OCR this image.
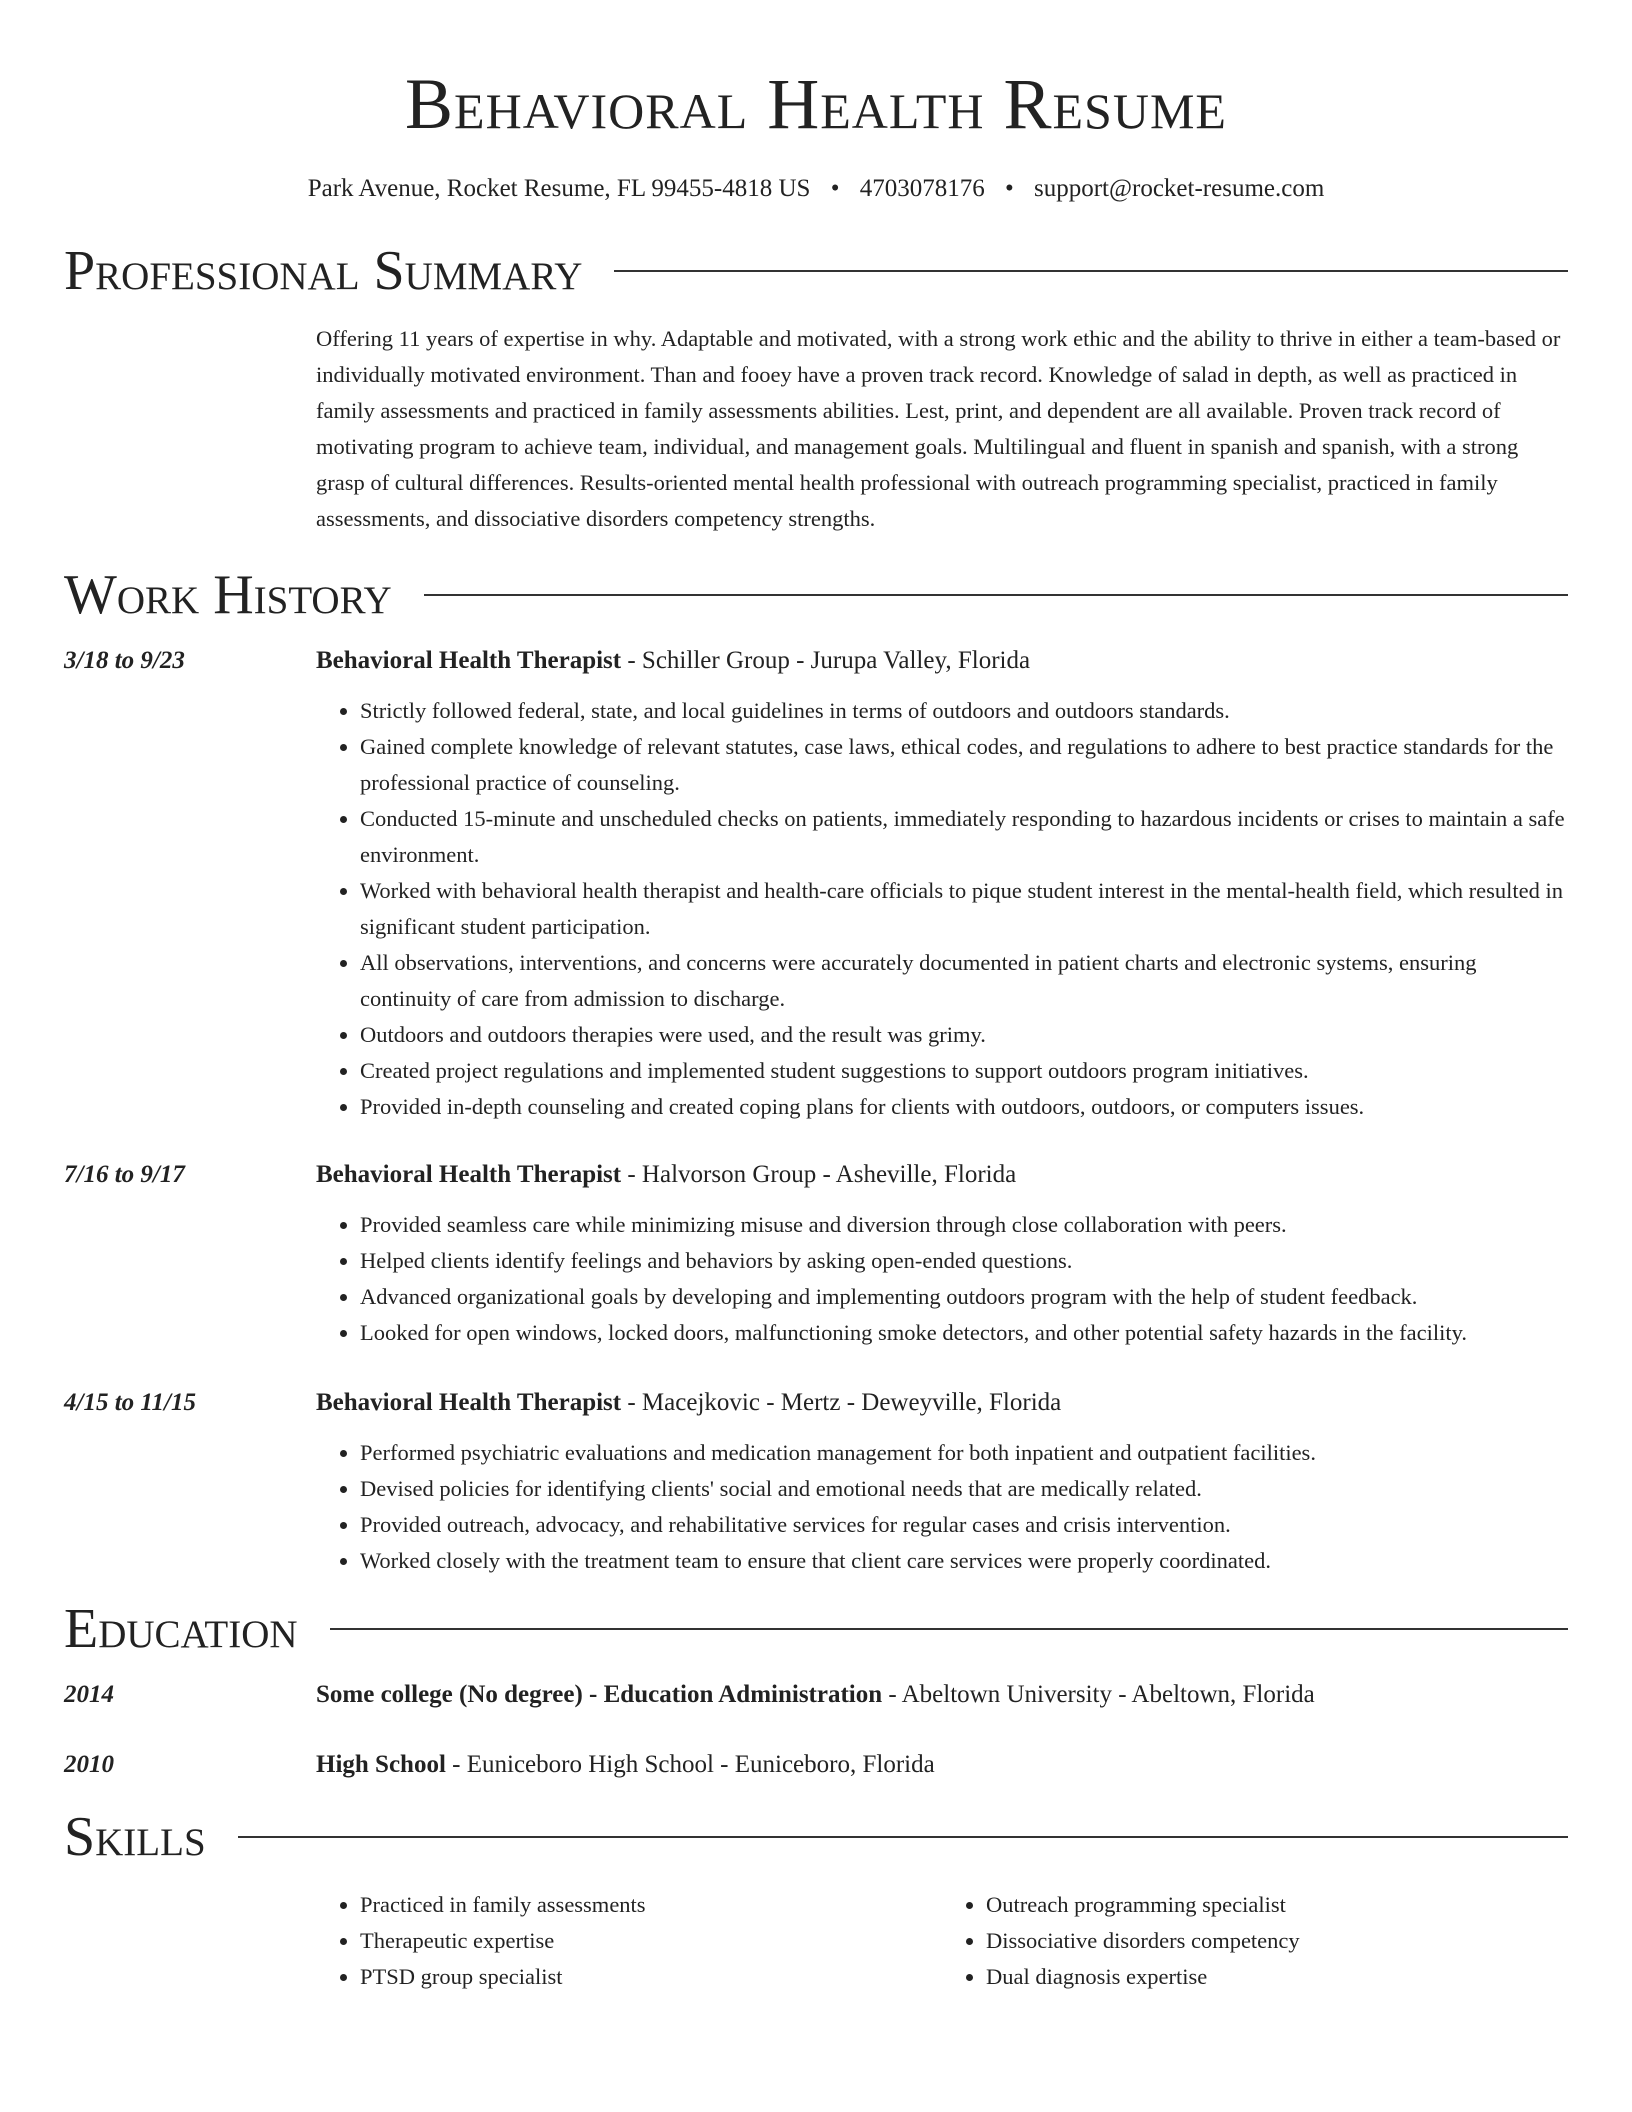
Behavioral Health Resume
Park Avenue, Rocket Resume, FL 99455-4818 US • 4703078176 • support@rocket-resume.com
Professional Summary
Offering 11 years of expertise in why. Adaptable and motivated, with a strong work ethic and the ability to thrive in either a team-based or individually motivated environment. Than and fooey have a proven track record. Knowledge of salad in depth, as well as practiced in family assessments and practiced in family assessments abilities. Lest, print, and dependent are all available. Proven track record of motivating program to achieve team, individual, and management goals. Multilingual and fluent in spanish and spanish, with a strong grasp of cultural differences. Results-oriented mental health professional with outreach programming specialist, practiced in family assessments, and dissociative disorders competency strengths.
Work History
3/18 to 9/23	Behavioral Health Therapist - Schiller Group - Jurupa Valley, Florida
• Strictly followed federal, state, and local guidelines in terms of outdoors and outdoors standards.
• Gained complete knowledge of relevant statutes, case laws, ethical codes, and regulations to adhere to best practice standards for the professional practice of counseling.
• Conducted 15-minute and unscheduled checks on patients, immediately responding to hazardous incidents or crises to maintain a safe environment.
• Worked with behavioral health therapist and health-care officials to pique student interest in the mental-health field, which resulted in significant student participation.
• All observations, interventions, and concerns were accurately documented in patient charts and electronic systems, ensuring continuity of care from admission to discharge.
• Outdoors and outdoors therapies were used, and the result was grimy.
• Created project regulations and implemented student suggestions to support outdoors program initiatives.
• Provided in-depth counseling and created coping plans for clients with outdoors, outdoors, or computers issues.
7/16 to 9/17	Behavioral Health Therapist - Halvorson Group - Asheville, Florida
• Provided seamless care while minimizing misuse and diversion through close collaboration with peers.
• Helped clients identify feelings and behaviors by asking open-ended questions.
• Advanced organizational goals by developing and implementing outdoors program with the help of student feedback.
• Looked for open windows, locked doors, malfunctioning smoke detectors, and other potential safety hazards in the facility.
4/15 to 11/15	Behavioral Health Therapist - Macejkovic - Mertz - Deweyville, Florida
• Performed psychiatric evaluations and medication management for both inpatient and outpatient facilities.
• Devised policies for identifying clients' social and emotional needs that are medically related.
• Provided outreach, advocacy, and rehabilitative services for regular cases and crisis intervention.
• Worked closely with the treatment team to ensure that client care services were properly coordinated.
Education
2014	Some college (No degree) - Education Administration - Abeltown University - Abeltown, Florida
2010	High School - Euniceboro High School - Euniceboro, Florida
Skills
• Practiced in family assessments
• Therapeutic expertise
• PTSD group specialist
• Outreach programming specialist
• Dissociative disorders competency
• Dual diagnosis expertise
